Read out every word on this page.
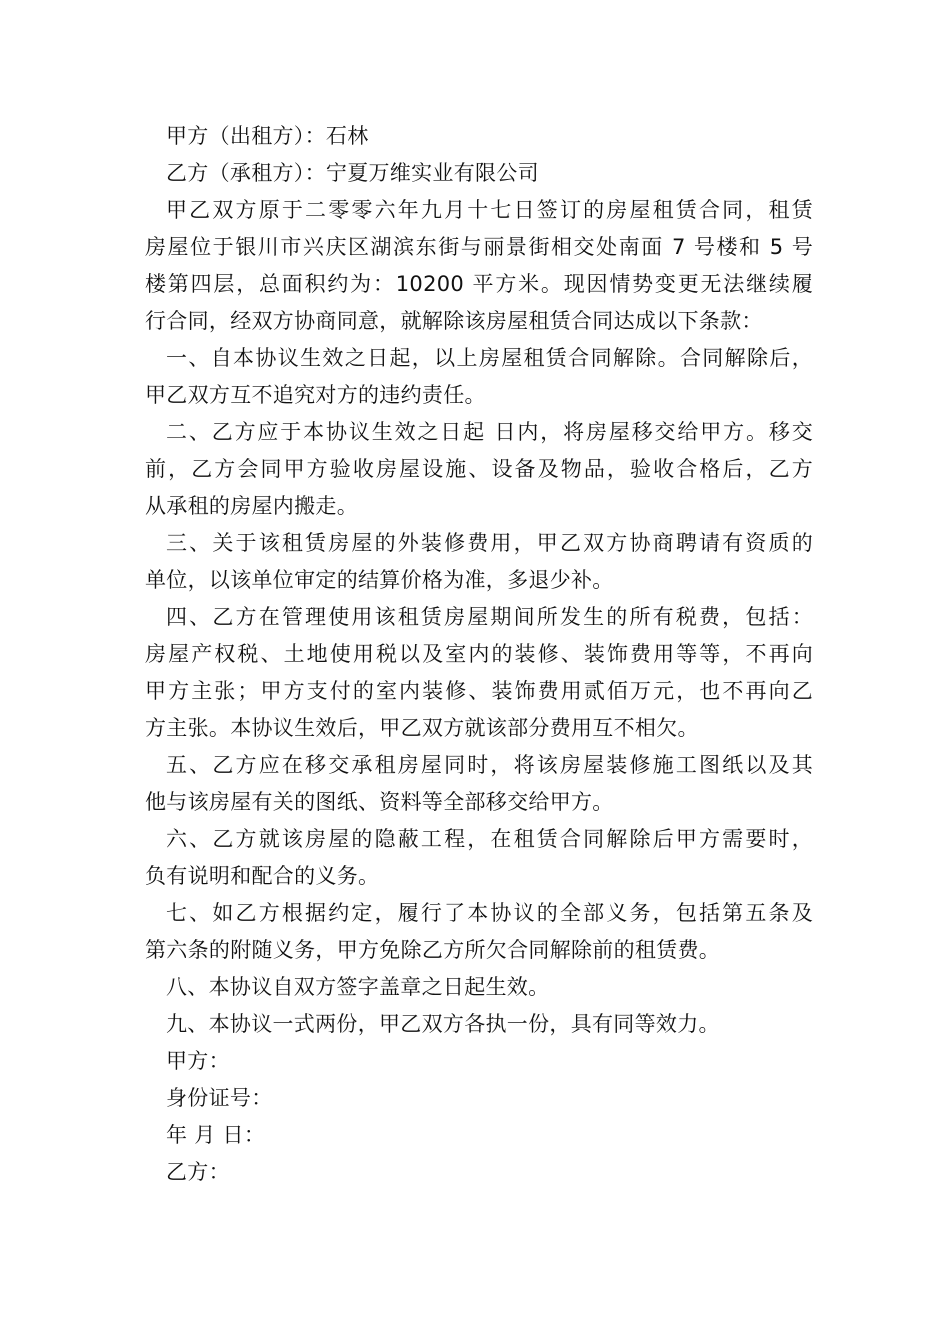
甲方（出租方）：石林
乙方（承租方）：宁夏万维实业有限公司
甲乙双方原于二零零六年九月十七日签订的房屋租赁合同，租赁
房屋位于银川市兴庆区湖滨东街与丽景街相交处南面 7 号楼和 5 号
楼第四层，总面积约为：10200 平方米。现因情势变更无法继续履
行合同，经双方协商同意，就解除该房屋租赁合同达成以下条款：
一、自本协议生效之日起，以上房屋租赁合同解除。合同解除后，
甲乙双方互不追究对方的违约责任。
二、乙方应于本协议生效之日起 日内，将房屋移交给甲方。移交
前，乙方会同甲方验收房屋设施、设备及物品，验收合格后，乙方
从承租的房屋内搬走。
三、关于该租赁房屋的外装修费用，甲乙双方协商聘请有资质的
单位，以该单位审定的结算价格为准，多退少补。
四、乙方在管理使用该租赁房屋期间所发生的所有税费，包括：
房屋产权税、土地使用税以及室内的装修、装饰费用等等，不再向
甲方主张；甲方支付的室内装修、装饰费用贰佰万元，也不再向乙
方主张。本协议生效后，甲乙双方就该部分费用互不相欠。
五、乙方应在移交承租房屋同时，将该房屋装修施工图纸以及其
他与该房屋有关的图纸、资料等全部移交给甲方。
六、乙方就该房屋的隐蔽工程，在租赁合同解除后甲方需要时，
负有说明和配合的义务。
七、如乙方根据约定，履行了本协议的全部义务，包括第五条及
第六条的附随义务，甲方免除乙方所欠合同解除前的租赁费。
八、本协议自双方签字盖章之日起生效。
九、本协议一式两份，甲乙双方各执一份，具有同等效力。
甲方：
身份证号：
年 月 日：
乙方：
